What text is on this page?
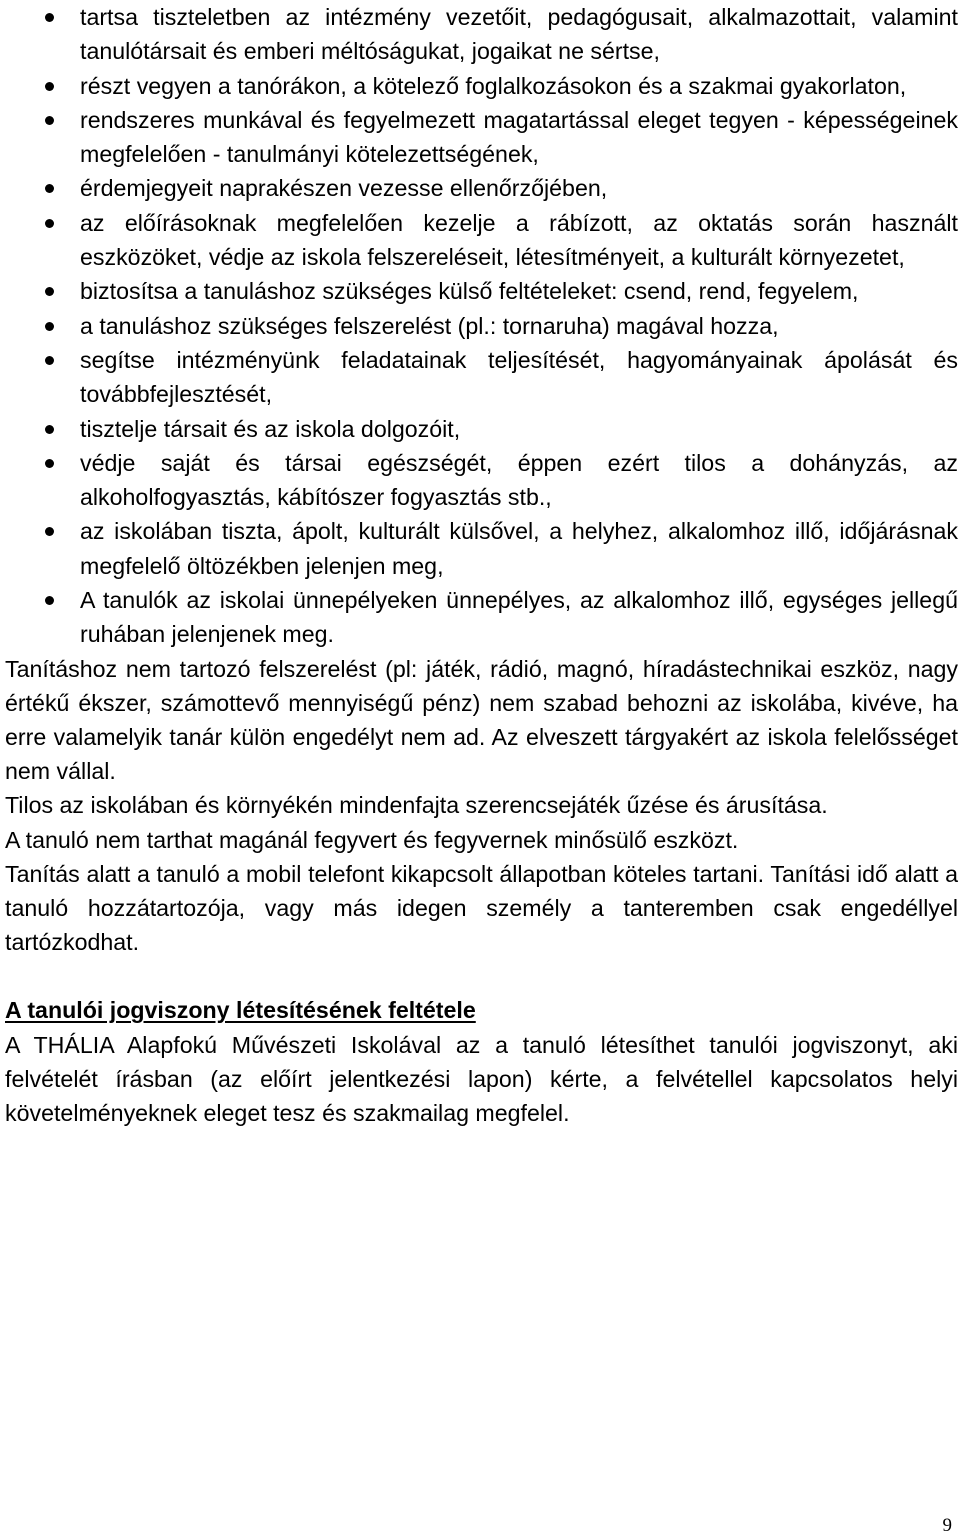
tartsa tiszteletben az intézmény vezetőit, pedagógusait, alkalmazottait, valamint tanulótársait és emberi méltóságukat, jogaikat ne sértse,
részt vegyen a tanórákon, a kötelező foglalkozásokon és a szakmai gyakorlaton,
rendszeres munkával és fegyelmezett magatartással eleget tegyen - képességeinek megfelelően - tanulmányi kötelezettségének,
érdemjegyeit naprakészen vezesse ellenőrzőjében,
az előírásoknak megfelelően kezelje a rábízott, az oktatás során használt eszközöket, védje az iskola felszereléseit, létesítményeit, a kulturált környezetet,
biztosítsa a tanuláshoz szükséges külső feltételeket: csend, rend, fegyelem,
a tanuláshoz szükséges felszerelést (pl.: tornaruha) magával hozza,
segítse intézményünk feladatainak teljesítését, hagyományainak ápolását és továbbfejlesztését,
tisztelje társait és az iskola dolgozóit,
védje saját és társai egészségét, éppen ezért tilos a dohányzás, az alkoholfogyasztás, kábítószer fogyasztás stb.,
az iskolában tiszta, ápolt, kulturált külsővel, a helyhez, alkalomhoz illő, időjárásnak megfelelő öltözékben jelenjen meg,
A tanulók az iskolai ünnepélyeken ünnepélyes, az alkalomhoz illő, egységes jellegű ruhában jelenjenek meg.

Tanításhoz nem tartozó felszerelést (pl: játék, rádió, magnó, híradástechnikai eszköz, nagy értékű ékszer, számottevő mennyiségű pénz) nem szabad behozni az iskolába, kivéve, ha erre valamelyik tanár külön engedélyt nem ad. Az elveszett tárgyakért az iskola felelősséget nem vállal.

Tilos az iskolában és környékén mindenfajta szerencsejáték űzése és árusítása.

A tanuló nem tarthat magánál fegyvert és fegyvernek minősülő eszközt.

Tanítás alatt a tanuló a mobil telefont kikapcsolt állapotban köteles tartani. Tanítási idő alatt a tanuló hozzátartozója, vagy más idegen személy a tanteremben csak engedéllyel tartózkodhat.

A tanulói jogviszony létesítésének feltétele

A THÁLIA Alapfokú Művészeti Iskolával az a tanuló létesíthet tanulói jogviszonyt, aki felvételét írásban (az előírt jelentkezési lapon) kérte, a felvétellel kapcsolatos helyi követelményeknek eleget tesz és szakmailag megfelel.

9
